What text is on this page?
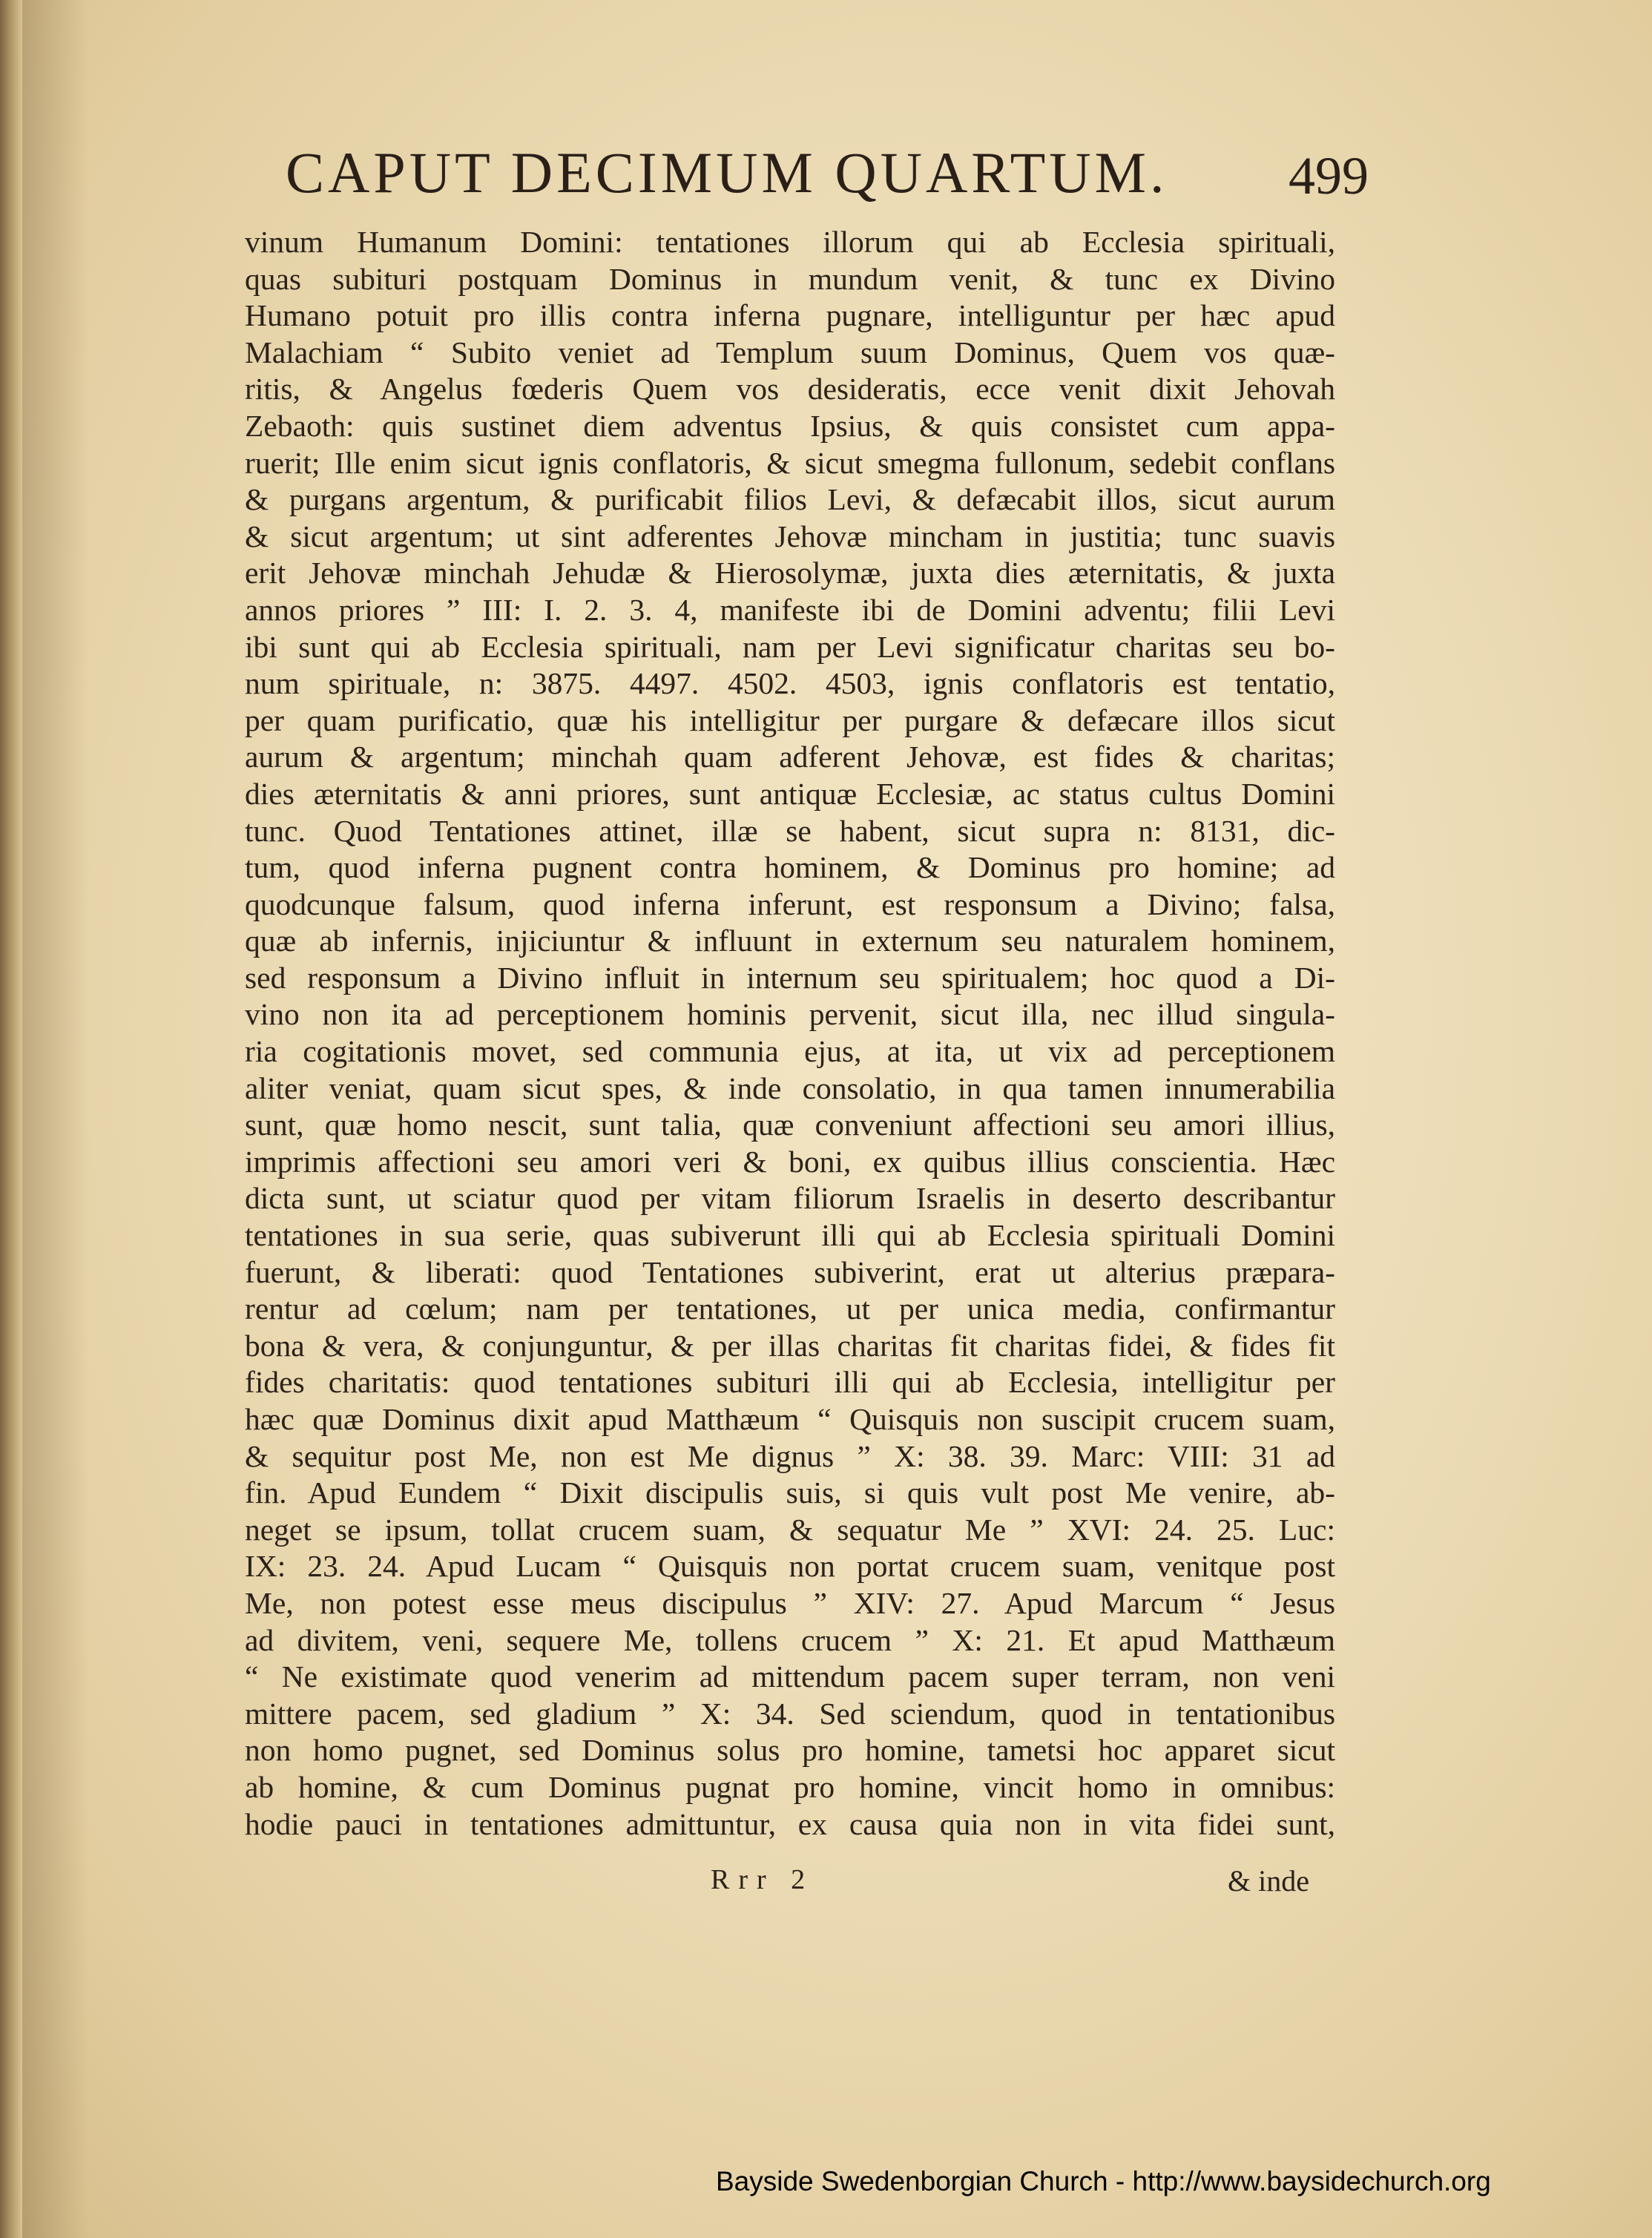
CAPUT DECIMUM QUARTUM. 499
vinum Humanum Domini: tentationes illorum qui ab Ecclesia spirituali,
quas subituri postquam Dominus in mundum venit, & tunc ex Divino
Humano potuit pro illis contra inferna pugnare, intelliguntur per hæc apud
Malachiam “ Subito veniet ad Templum suum Dominus, Quem vos quæ-
ritis, & Angelus fœderis Quem vos desideratis, ecce venit dixit Jehovah
Zebaoth: quis sustinet diem adventus Ipsius, & quis consistet cum appa-
ruerit; Ille enim sicut ignis conflatoris, & sicut smegma fullonum, sedebit conflans
& purgans argentum, & purificabit filios Levi, & defæcabit illos, sicut aurum
& sicut argentum; ut sint adferentes Jehovæ mincham in justitia; tunc suavis
erit Jehovæ minchah Jehudæ & Hierosolymæ, juxta dies æternitatis, & juxta
annos priores ” III: I. 2. 3. 4, manifeste ibi de Domini adventu; filii Levi
ibi sunt qui ab Ecclesia spirituali, nam per Levi significatur charitas seu bo-
num spirituale, n: 3875. 4497. 4502. 4503, ignis conflatoris est tentatio,
per quam purificatio, quæ his intelligitur per purgare & defæcare illos sicut
aurum & argentum; minchah quam adferent Jehovæ, est fides & charitas;
dies æternitatis & anni priores, sunt antiquæ Ecclesiæ, ac status cultus Domini
tunc. Quod Tentationes attinet, illæ se habent, sicut supra n: 8131, dic-
tum, quod inferna pugnent contra hominem, & Dominus pro homine; ad
quodcunque falsum, quod inferna inferunt, est responsum a Divino; falsa,
quæ ab infernis, injiciuntur & influunt in externum seu naturalem hominem,
sed responsum a Divino influit in internum seu spiritualem; hoc quod a Di-
vino non ita ad perceptionem hominis pervenit, sicut illa, nec illud singula-
ria cogitationis movet, sed communia ejus, at ita, ut vix ad perceptionem
aliter veniat, quam sicut spes, & inde consolatio, in qua tamen innumerabilia
sunt, quæ homo nescit, sunt talia, quæ conveniunt affectioni seu amori illius,
imprimis affectioni seu amori veri & boni, ex quibus illius conscientia. Hæc
dicta sunt, ut sciatur quod per vitam filiorum Israelis in deserto describantur
tentationes in sua serie, quas subiverunt illi qui ab Ecclesia spirituali Domini
fuerunt, & liberati: quod Tentationes subiverint, erat ut alterius præpara-
rentur ad cœlum; nam per tentationes, ut per unica media, confirmantur
bona & vera, & conjunguntur, & per illas charitas fit charitas fidei, & fides fit
fides charitatis: quod tentationes subituri illi qui ab Ecclesia, intelligitur per
hæc quæ Dominus dixit apud Matthæum “ Quisquis non suscipit crucem suam,
& sequitur post Me, non est Me dignus ” X: 38. 39. Marc: VIII: 31 ad
fin. Apud Eundem “ Dixit discipulis suis, si quis vult post Me venire, ab-
neget se ipsum, tollat crucem suam, & sequatur Me ” XVI: 24. 25. Luc:
IX: 23. 24. Apud Lucam “ Quisquis non portat crucem suam, venitque post
Me, non potest esse meus discipulus ” XIV: 27. Apud Marcum “ Jesus
ad divitem, veni, sequere Me, tollens crucem ” X: 21. Et apud Matthæum
“ Ne existimate quod venerim ad mittendum pacem super terram, non veni
mittere pacem, sed gladium ” X: 34. Sed sciendum, quod in tentationibus
non homo pugnet, sed Dominus solus pro homine, tametsi hoc apparet sicut
ab homine, & cum Dominus pugnat pro homine, vincit homo in omnibus:
hodie pauci in tentationes admittuntur, ex causa quia non in vita fidei sunt,
Rrr 2	& inde
Bayside Swedenborgian Church - http://www.baysidechurch.org
